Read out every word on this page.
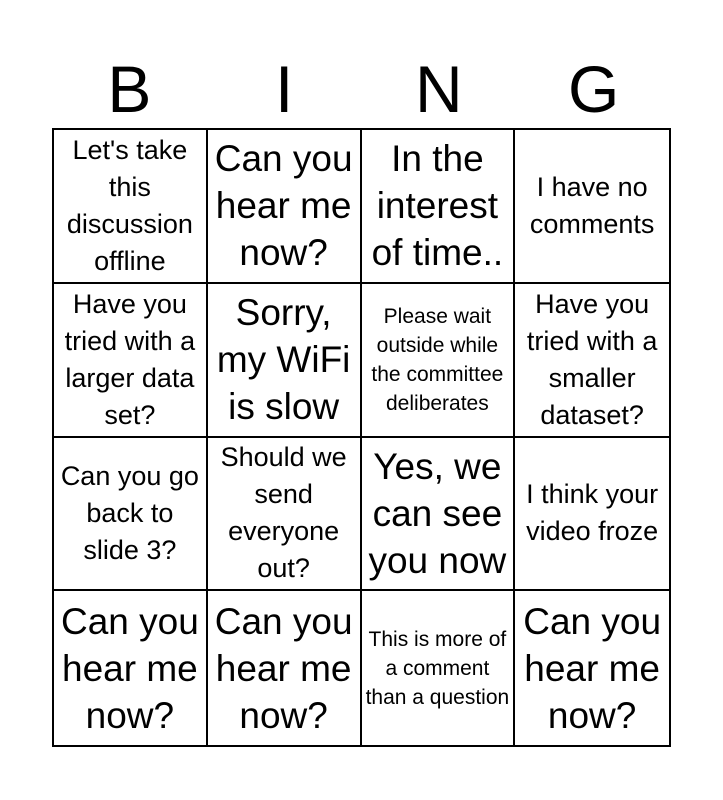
B	I	N	G
Let's take this discussion offline
Can you hear me now?
In the interest of time..
I have no comments
Have you tried with a larger data set?
Sorry, my WiFi is slow
Please wait outside while the committee deliberates
Have you tried with a smaller dataset?
Can you go back to slide 3?
Should we send everyone out?
Yes, we can see you now
I think your video froze
Can you hear me now?
Can you hear me now?
This is more of a comment than a question
Can you hear me now?
